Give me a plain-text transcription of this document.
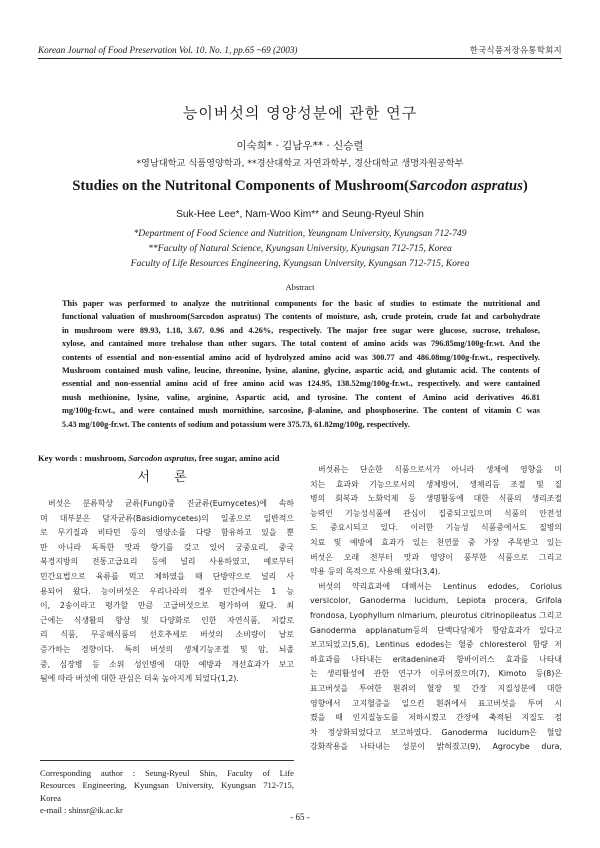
Korean Journal of Food Preservation Vol. 10. No. 1, pp.65 ~69 (2003)	한국식품저장유통학회지
능이버섯의 영양성분에 관한 연구
이숙희* · 김남우** · 신승렬
*영남대학교 식품영양학과, **경산대학교 자연과학부, 경산대학교 생명자원공학부
Studies on the Nutritonal Components of Mushroom(Sarcodon aspratus)
Suk-Hee Lee*, Nam-Woo Kim** and Seung-Ryeul Shin
*Department of Food Science and Nutrition, Yeungnam University, Kyungsan 712-749
**Faculty of Natural Science, Kyungsan University, Kyungsan 712-715, Korea
Faculty of Life Resources Engineering, Kyungsan University, Kyungsan 712-715, Korea
Abstract
This paper was performed to analyze the nutritional components for the basic of studies to estimate the nutritional and
functional valuation of mushroom(Sarcodon aspratus) The contents of moisture, ash, crude protein, crude fat and carbohydrate
in mushroom were 89.93, 1.18, 3.67. 0.96 and 4.26%, respectively. The major free sugar were glucose, sucrose, trehalose,
xylose, and cantained more trehalose than other sugars. The total content of amino acids was 796.85mg/100g-fr.wt. And the
contents of essential and non-essential amino acid of hydrolyzed amino acid was 300.77 and 486.08mg/100g-fr.wt., respectively.
Mushroom contained mush valine, leucine, threonine, lysine, alanine, glycine, aspartic acid, and glutamic acid. The contents of
essential and non-essential amino acid of free amino acid was 124.95, 138.52mg/100g-fr.wt., respectively. and were cantained
mush methionine, lysine, valine, arginine, Aspartic acid, and tyrosine. The content of Amino acid derivatives 46.81
mg/100g-fr.wt., and were contained mush mornithine, sarcosine, β-alanine, and phosphoserine. The content of vitamin C was
5.43 mg/100g-fr.wt. The contents of sodium and potassium were 375.73, 61.82mg/100g, respectively.
Key words : mushroom, Sarcodon aspratus, free sugar, amino acid
서 론
버섯은 분류학상 균류(Fungi)중 진균류(Eumycetes)에 속하
며 대부분은 담자균류(Basidiomycetes)의 일종으로 일반적으
로 무기질과 비타민 등의 영양소를 다량 함유하고 있을 뿐
만 아니라 독특한 맛과 향기를 갖고 있어 궁중요리, 중국
북경지방의 전통고급요리 등에 널리 사용하였고, 예로부터
민간요법으로 육류를 먹고 체하였을 때 단방약으로 널리 사
용되어 왔다. 능이버섯은 우리나라의 경우 민간에서는 1 능
이, 2송이라고 평가할 만큼 고급버섯으로 평가하여 왔다. 최
근에는 식생활의 향상 및 다양화로 인한 자연식품, 저칼로
리 식품, 무공해식품의 선호추세로 버섯의 소비량이 날로
증가하는 경향이다. 특히 버섯의 생체기능조절 및 암, 뇌졸
중, 심장병 등 소위 성인병에 대한 예방과 개선효과가 보고
됨에 따라 버섯에 대한 관심은 더욱 높아지게 되었다(1,2).
버섯류는 단순한 식품으로서가 아니라 생체에 영향을 미
치는 효과와 기능으로서의 생체방어, 생체리듬 조절 및 질
병의 회복과 노화억제 등 생명활동에 대한 식품의 생리조절
능력인 기능성식품에 관심이 집중되고있으며 식품의 안전성
도 중요시되고 있다. 이러한 기능성 식품중에서도 질병의
치료 및 예방에 효과가 있는 천연물 중 가장 주목받고 있는
버섯은 오래 전부터 맛과 영양이 풍부한 식품으로 그리고
약용 등의 목적으로 사용해 왔다(3,4).
버섯의 약리효과에 대해서는 Lentinus edodes, Coriolus
versicolor, Ganoderma lucidum, Lepiota procera, Grifola
frondosa, Lyophyllum nlmarium, pleurotus citrinopileatus 그리고
Ganoderma applanatum등의 단백다당체가 항암효과가 있다고
보고되었고(5,6), Lentinus edodes는 혈중 chloresterol 함량 저
하효과를 나타내는 eritadenine과 항바이러스 효과를 나타내
는 생리활성에 관한 연구가 이루어졌으며(7), Kimoto 등(8)은
표고버섯을 투여한 흰쥐의 혈장 및 간장 지질성분에 대한
영향에서 고지혈증을 일으킨 흰쥐에서 표고버섯을 투여 시
켰을 때 인지질농도를 저하시켰고 간장에 축적된 지질도 점
차 정상화되었다고 보고하였다. Ganoderma lucidum은 혈압
강화작용을 나타내는 성분이 밝혀졌고(9), Agrocybe dura,
Corresponding author : Seung-Ryeul Shin, Faculty of Life
Resources Engineering, Kyungsan University, Kyungsan 712-715,
Korea
e-mail : shinsr@ik.ac.kr
- 65 -
